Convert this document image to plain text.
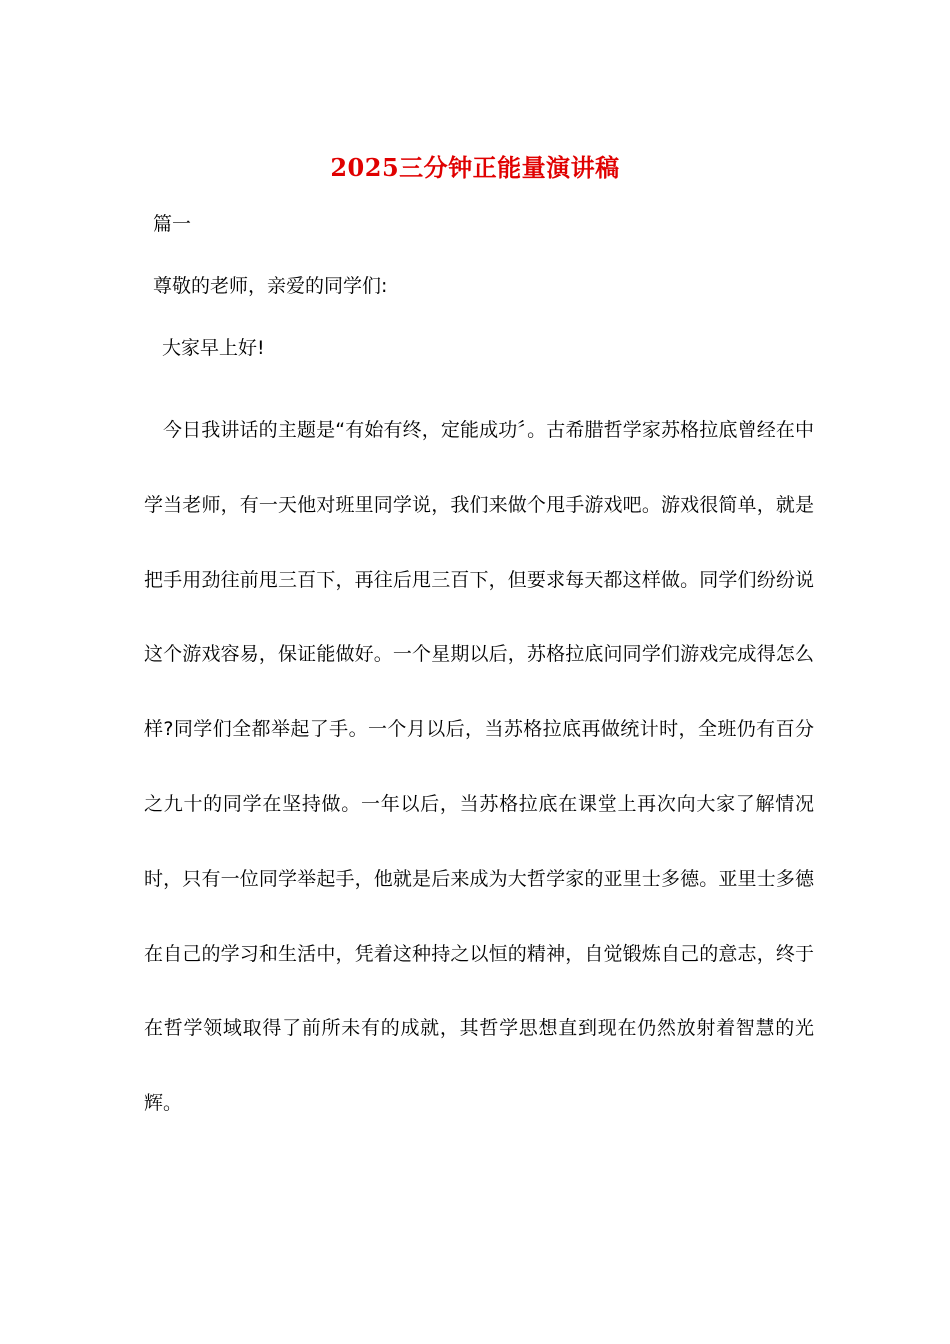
2025三分钟正能量演讲稿
篇一
尊敬的老师，亲爱的同学们:
大家早上好!

今日我讲话的主题是“有始有终，定能成功〞。古希腊哲学家苏格拉底曾经在中学当老师，有一天他对班里同学说，我们来做个甩手游戏吧。游戏很简单，就是把手用劲往前甩三百下，再往后甩三百下，但要求每天都这样做。同学们纷纷说这个游戏容易，保证能做好。一个星期以后，苏格拉底问同学们游戏完成得怎么样?同学们全都举起了手。一个月以后，当苏格拉底再做统计时，全班仍有百分之九十的同学在坚持做。一年以后，当苏格拉底在课堂上再次向大家了解情况时，只有一位同学举起手，他就是后来成为大哲学家的亚里士多德。亚里士多德在自己的学习和生活中，凭着这种持之以恒的精神，自觉锻炼自己的意志，终于在哲学领域取得了前所未有的成就，其哲学思想直到现在仍然放射着智慧的光辉。
